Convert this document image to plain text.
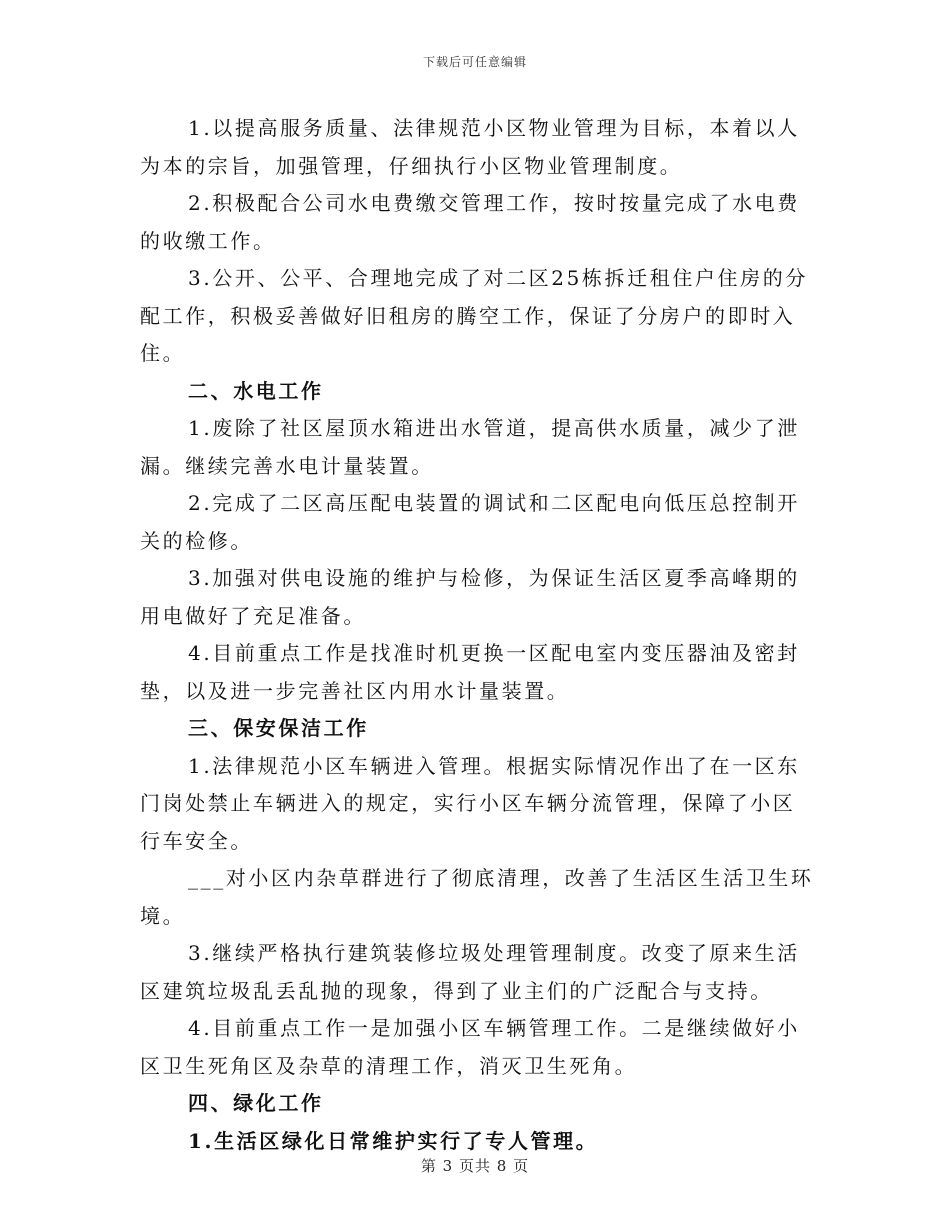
下载后可任意编辑

1.以提高服务质量、法律规范小区物业管理为目标，本着以人为本的宗旨，加强管理，仔细执行小区物业管理制度。

2.积极配合公司水电费缴交管理工作，按时按量完成了水电费的收缴工作。

3.公开、公平、合理地完成了对二区25栋拆迁租住户住房的分配工作，积极妥善做好旧租房的腾空工作，保证了分房户的即时入住。

二、水电工作

1.废除了社区屋顶水箱进出水管道，提高供水质量，减少了泄漏。继续完善水电计量装置。

2.完成了二区高压配电装置的调试和二区配电向低压总控制开关的检修。

3.加强对供电设施的维护与检修，为保证生活区夏季高峰期的用电做好了充足准备。

4.目前重点工作是找准时机更换一区配电室内变压器油及密封垫，以及进一步完善社区内用水计量装置。

三、保安保洁工作

1.法律规范小区车辆进入管理。根据实际情况作出了在一区东门岗处禁止车辆进入的规定，实行小区车辆分流管理，保障了小区行车安全。

___对小区内杂草群进行了彻底清理，改善了生活区生活卫生环境。

3.继续严格执行建筑装修垃圾处理管理制度。改变了原来生活区建筑垃圾乱丢乱抛的现象，得到了业主们的广泛配合与支持。

4.目前重点工作一是加强小区车辆管理工作。二是继续做好小区卫生死角区及杂草的清理工作，消灭卫生死角。

四、绿化工作

1.生活区绿化日常维护实行了专人管理。

第 3 页共 8 页
